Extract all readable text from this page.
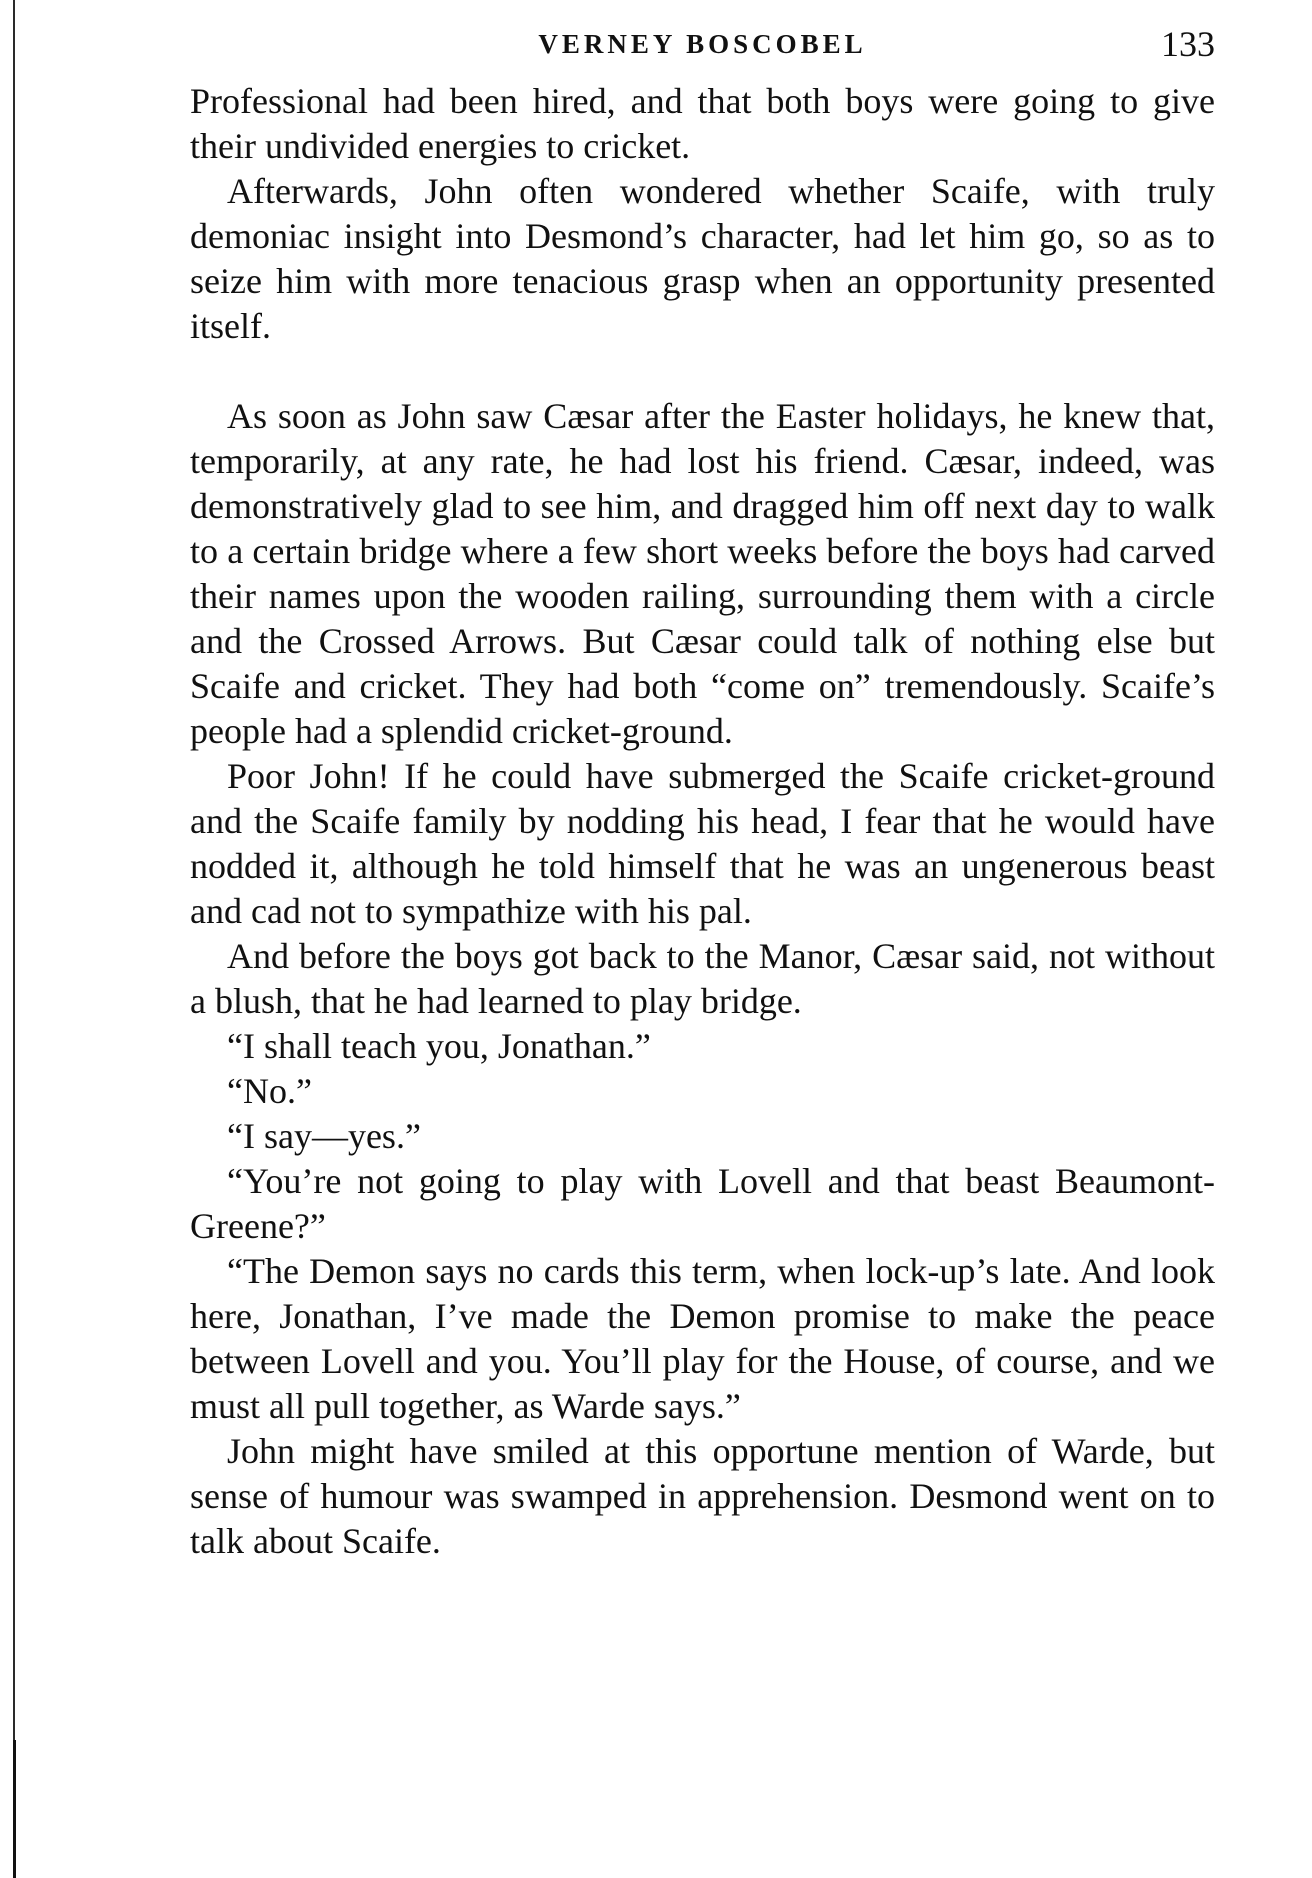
VERNEY BOSCOBEL	133

Professional had been hired, and that both boys were going to give their undivided energies to cricket.

Afterwards, John often wondered whether Scaife, with truly demoniac insight into Desmond’s character, had let him go, so as to seize him with more tenacious grasp when an opportunity presented itself.

As soon as John saw Cæsar after the Easter holidays, he knew that, temporarily, at any rate, he had lost his friend. Cæsar, indeed, was demonstratively glad to see him, and dragged him off next day to walk to a certain bridge where a few short weeks before the boys had carved their names upon the wooden railing, surrounding them with a circle and the Crossed Arrows. But Cæsar could talk of nothing else but Scaife and cricket. They had both “come on” tremendously. Scaife’s people had a splendid cricket-ground.

Poor John! If he could have submerged the Scaife cricket-ground and the Scaife family by nodding his head, I fear that he would have nodded it, although he told himself that he was an ungenerous beast and cad not to sympathize with his pal.

And before the boys got back to the Manor, Cæsar said, not without a blush, that he had learned to play bridge.

“I shall teach you, Jonathan.”

“No.”

“I say—yes.”

“You’re not going to play with Lovell and that beast Beaumont-Greene?”

“The Demon says no cards this term, when lock-up’s late. And look here, Jonathan, I’ve made the Demon promise to make the peace between Lovell and you. You’ll play for the House, of course, and we must all pull together, as Warde says.”

John might have smiled at this opportune mention of Warde, but sense of humour was swamped in apprehension. Desmond went on to talk about Scaife.
